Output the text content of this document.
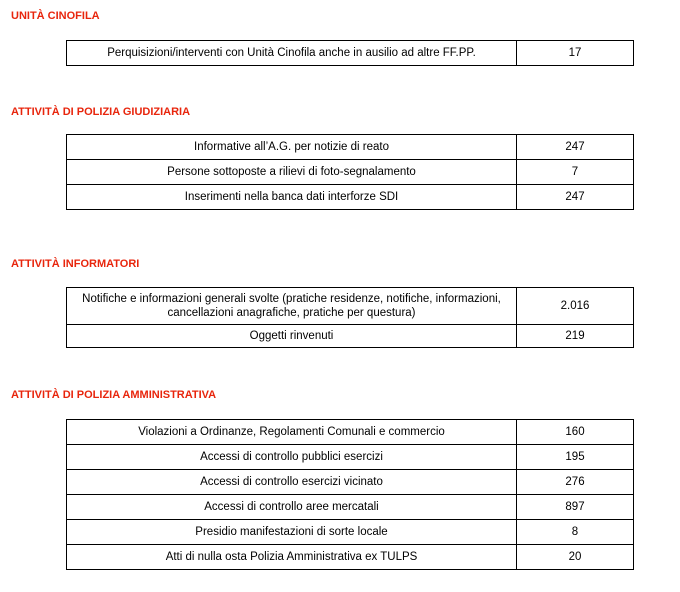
UNITÀ CINOFILA
Perquisizioni/interventi con Unità Cinofila anche in ausilio ad altre FF.PP.	17
ATTIVITÀ DI POLIZIA GIUDIZIARIA
Informative all’A.G. per notizie di reato	247
Persone sottoposte a rilievi di foto-segnalamento	7
Inserimenti nella banca dati interforze SDI	247
ATTIVITÀ INFORMATORI
Notifiche e informazioni generali svolte (pratiche residenze, notifiche, informazioni, cancellazioni anagrafiche, pratiche per questura)	2.016
Oggetti rinvenuti	219
ATTIVITÀ DI POLIZIA AMMINISTRATIVA
Violazioni a Ordinanze, Regolamenti Comunali e commercio	160
Accessi di controllo pubblici esercizi	195
Accessi di controllo esercizi vicinato	276
Accessi di controllo aree mercatali	897
Presidio manifestazioni di sorte locale	8
Atti di nulla osta Polizia Amministrativa ex TULPS	20
